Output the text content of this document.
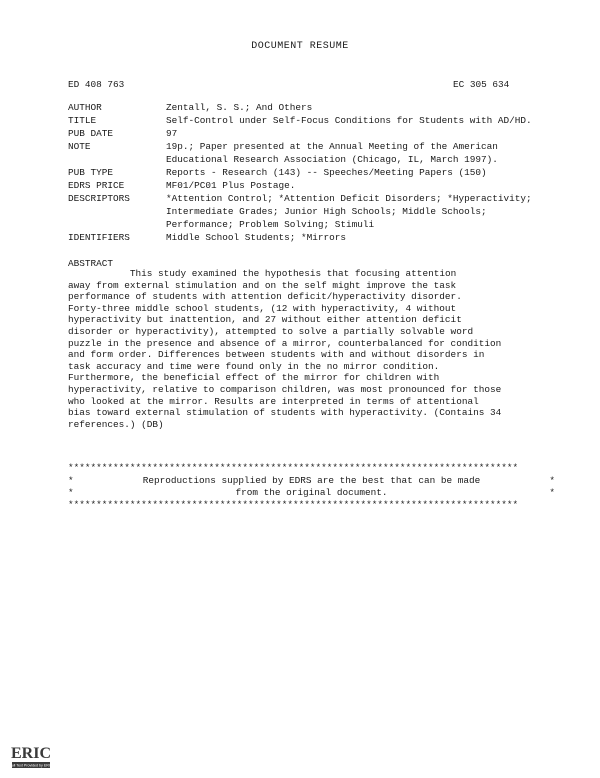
DOCUMENT RESUME
ED 408 763	EC 305 634
AUTHOR	Zentall, S. S.; And Others
TITLE	Self-Control under Self-Focus Conditions for Students with AD/HD.
PUB DATE	97
NOTE	19p.; Paper presented at the Annual Meeting of the American Educational Research Association (Chicago, IL, March 1997).
PUB TYPE	Reports - Research (143) -- Speeches/Meeting Papers (150)
EDRS PRICE	MF01/PC01 Plus Postage.
DESCRIPTORS	*Attention Control; *Attention Deficit Disorders; *Hyperactivity; Intermediate Grades; Junior High Schools; Middle Schools; Performance; Problem Solving; Stimuli
IDENTIFIERS	Middle School Students; *Mirrors
ABSTRACT
This study examined the hypothesis that focusing attention
away from external stimulation and on the self might improve the task
performance of students with attention deficit/hyperactivity disorder.
Forty-three middle school students, (12 with hyperactivity, 4 without
hyperactivity but inattention, and 27 without either attention deficit
disorder or hyperactivity), attempted to solve a partially solvable word
puzzle in the presence and absence of a mirror, counterbalanced for condition
and form order. Differences between students with and without disorders in
task accuracy and time were found only in the no mirror condition.
Furthermore, the beneficial effect of the mirror for children with
hyperactivity, relative to comparison children, was most pronounced for those
who looked at the mirror. Results are interpreted in terms of attentional
bias toward external stimulation of students with hyperactivity. (Contains 34
references.) (DB)
********************************************************************************
*	Reproductions supplied by EDRS are the best that can be made	*
*	from the original document.	*
********************************************************************************
ERIC
Full Text Provided by ERIC
